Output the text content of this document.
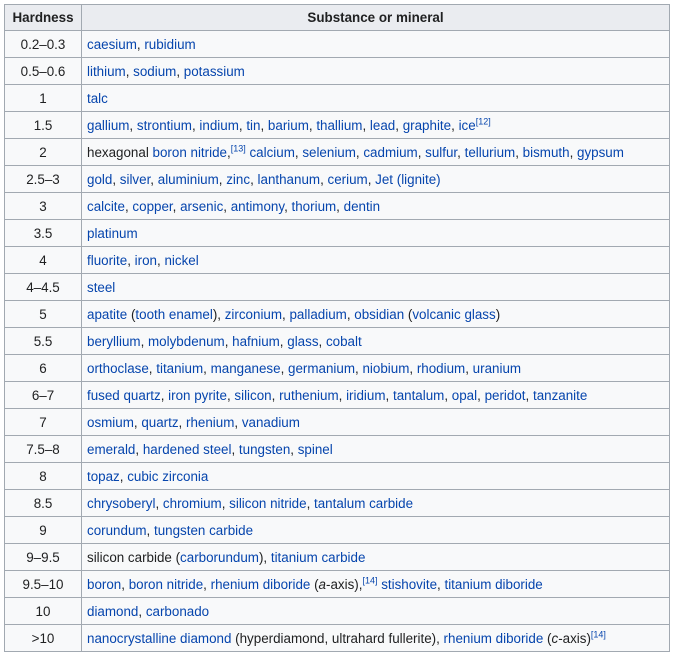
Hardness	Substance or mineral
0.2–0.3	caesium, rubidium
0.5–0.6	lithium, sodium, potassium
1	talc
1.5	gallium, strontium, indium, tin, barium, thallium, lead, graphite, ice[12]
2	hexagonal boron nitride,[13] calcium, selenium, cadmium, sulfur, tellurium, bismuth, gypsum
2.5–3	gold, silver, aluminium, zinc, lanthanum, cerium, Jet (lignite)
3	calcite, copper, arsenic, antimony, thorium, dentin
3.5	platinum
4	fluorite, iron, nickel
4–4.5	steel
5	apatite (tooth enamel), zirconium, palladium, obsidian (volcanic glass)
5.5	beryllium, molybdenum, hafnium, glass, cobalt
6	orthoclase, titanium, manganese, germanium, niobium, rhodium, uranium
6–7	fused quartz, iron pyrite, silicon, ruthenium, iridium, tantalum, opal, peridot, tanzanite
7	osmium, quartz, rhenium, vanadium
7.5–8	emerald, hardened steel, tungsten, spinel
8	topaz, cubic zirconia
8.5	chrysoberyl, chromium, silicon nitride, tantalum carbide
9	corundum, tungsten carbide
9–9.5	silicon carbide (carborundum), titanium carbide
9.5–10	boron, boron nitride, rhenium diboride (a-axis),[14] stishovite, titanium diboride
10	diamond, carbonado
>10	nanocrystalline diamond (hyperdiamond, ultrahard fullerite), rhenium diboride (c-axis)[14]
